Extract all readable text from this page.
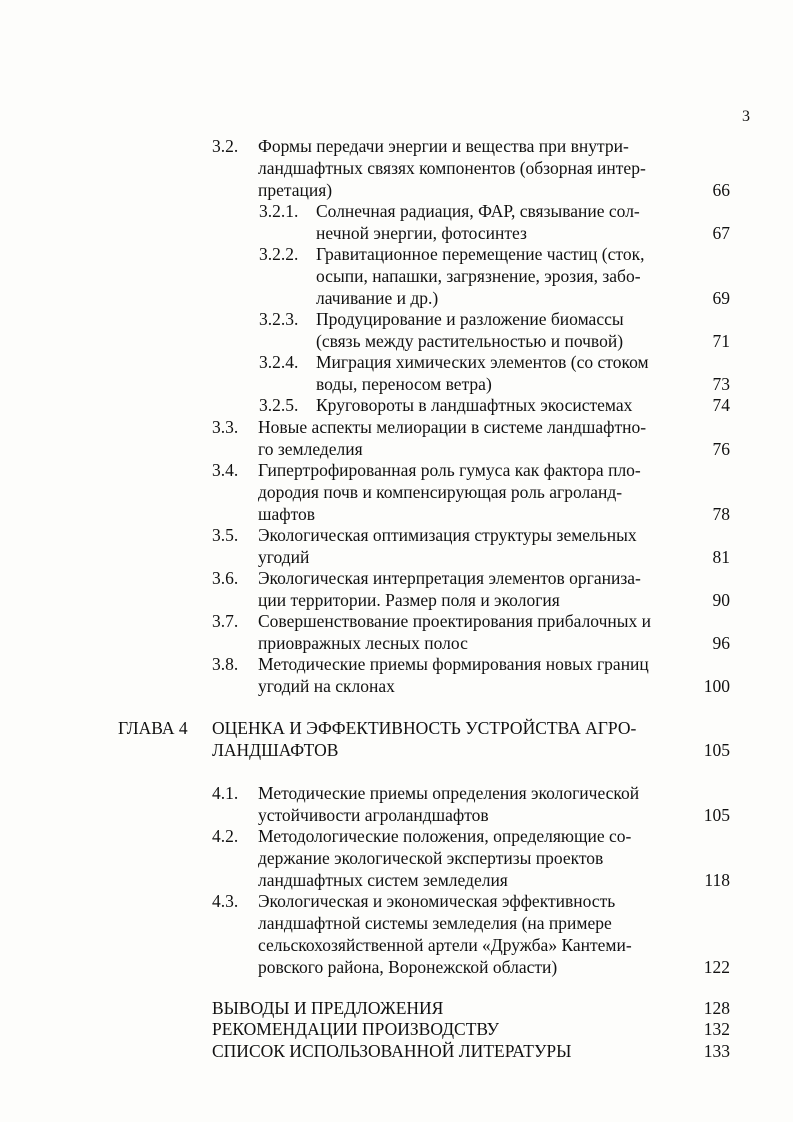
3
3.2. Формы передачи энергии и вещества при внутри-
ландшафтных связях компонентов (обзорная интер-
претация)	66
3.2.1. Солнечная радиация, ФАР, связывание сол-
нечной энергии, фотосинтез	67
3.2.2. Гравитационное перемещение частиц (сток,
осыпи, напашки, загрязнение, эрозия, забо-
лачивание и др.)	69
3.2.3. Продуцирование и разложение биомассы
(связь между растительностью и почвой)	71
3.2.4. Миграция химических элементов (со стоком
воды, переносом ветра)	73
3.2.5. Круговороты в ландшафтных экосистемах	74
3.3. Новые аспекты мелиорации в системе ландшафтно-
го земледелия	76
3.4. Гипертрофированная роль гумуса как фактора пло-
дородия почв и компенсирующая роль агроланд-
шафтов	78
3.5. Экологическая оптимизация структуры земельных
угодий	81
3.6. Экологическая интерпретация элементов организа-
ции территории. Размер поля и экология	90
3.7. Совершенствование проектирования прибалочных и
приовражных лесных полос	96
3.8. Методические приемы формирования новых границ
угодий на склонах	100
ГЛАВА 4 ОЦЕНКА И ЭФФЕКТИВНОСТЬ УСТРОЙСТВА АГРО-
ЛАНДШАФТОВ	105
4.1. Методические приемы определения экологической
устойчивости агроландшафтов	105
4.2. Методологические положения, определяющие со-
держание экологической экспертизы проектов
ландшафтных систем земледелия	118
4.3. Экологическая и экономическая эффективность
ландшафтной системы земледелия (на примере
сельскохозяйственной артели «Дружба» Кантеми-
ровского района, Воронежской области)	122
ВЫВОДЫ И ПРЕДЛОЖЕНИЯ	128
РЕКОМЕНДАЦИИ ПРОИЗВОДСТВУ	132
СПИСОК ИСПОЛЬЗОВАННОЙ ЛИТЕРАТУРЫ	133
